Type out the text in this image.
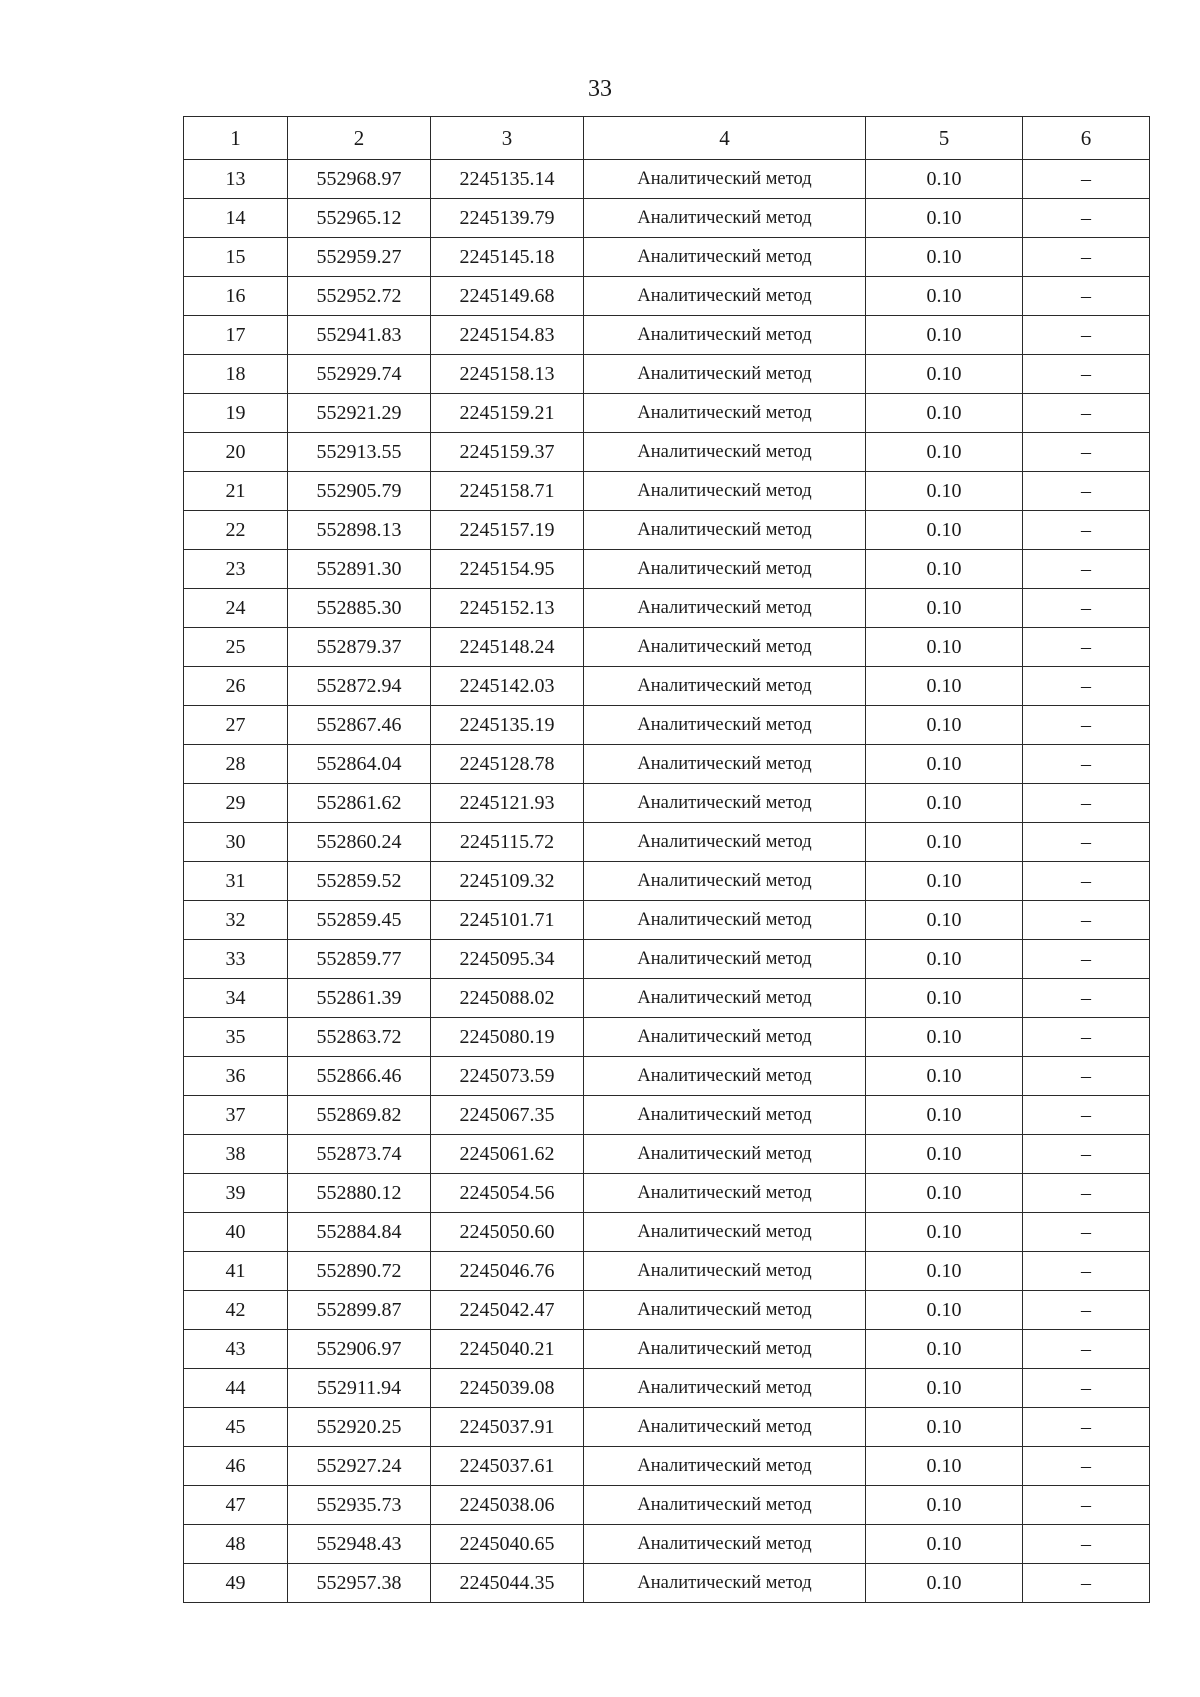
33
1	2	3	4	5	6
13	552968.97	2245135.14	Аналитический метод	0.10	–
14	552965.12	2245139.79	Аналитический метод	0.10	–
15	552959.27	2245145.18	Аналитический метод	0.10	–
16	552952.72	2245149.68	Аналитический метод	0.10	–
17	552941.83	2245154.83	Аналитический метод	0.10	–
18	552929.74	2245158.13	Аналитический метод	0.10	–
19	552921.29	2245159.21	Аналитический метод	0.10	–
20	552913.55	2245159.37	Аналитический метод	0.10	–
21	552905.79	2245158.71	Аналитический метод	0.10	–
22	552898.13	2245157.19	Аналитический метод	0.10	–
23	552891.30	2245154.95	Аналитический метод	0.10	–
24	552885.30	2245152.13	Аналитический метод	0.10	–
25	552879.37	2245148.24	Аналитический метод	0.10	–
26	552872.94	2245142.03	Аналитический метод	0.10	–
27	552867.46	2245135.19	Аналитический метод	0.10	–
28	552864.04	2245128.78	Аналитический метод	0.10	–
29	552861.62	2245121.93	Аналитический метод	0.10	–
30	552860.24	2245115.72	Аналитический метод	0.10	–
31	552859.52	2245109.32	Аналитический метод	0.10	–
32	552859.45	2245101.71	Аналитический метод	0.10	–
33	552859.77	2245095.34	Аналитический метод	0.10	–
34	552861.39	2245088.02	Аналитический метод	0.10	–
35	552863.72	2245080.19	Аналитический метод	0.10	–
36	552866.46	2245073.59	Аналитический метод	0.10	–
37	552869.82	2245067.35	Аналитический метод	0.10	–
38	552873.74	2245061.62	Аналитический метод	0.10	–
39	552880.12	2245054.56	Аналитический метод	0.10	–
40	552884.84	2245050.60	Аналитический метод	0.10	–
41	552890.72	2245046.76	Аналитический метод	0.10	–
42	552899.87	2245042.47	Аналитический метод	0.10	–
43	552906.97	2245040.21	Аналитический метод	0.10	–
44	552911.94	2245039.08	Аналитический метод	0.10	–
45	552920.25	2245037.91	Аналитический метод	0.10	–
46	552927.24	2245037.61	Аналитический метод	0.10	–
47	552935.73	2245038.06	Аналитический метод	0.10	–
48	552948.43	2245040.65	Аналитический метод	0.10	–
49	552957.38	2245044.35	Аналитический метод	0.10	–
